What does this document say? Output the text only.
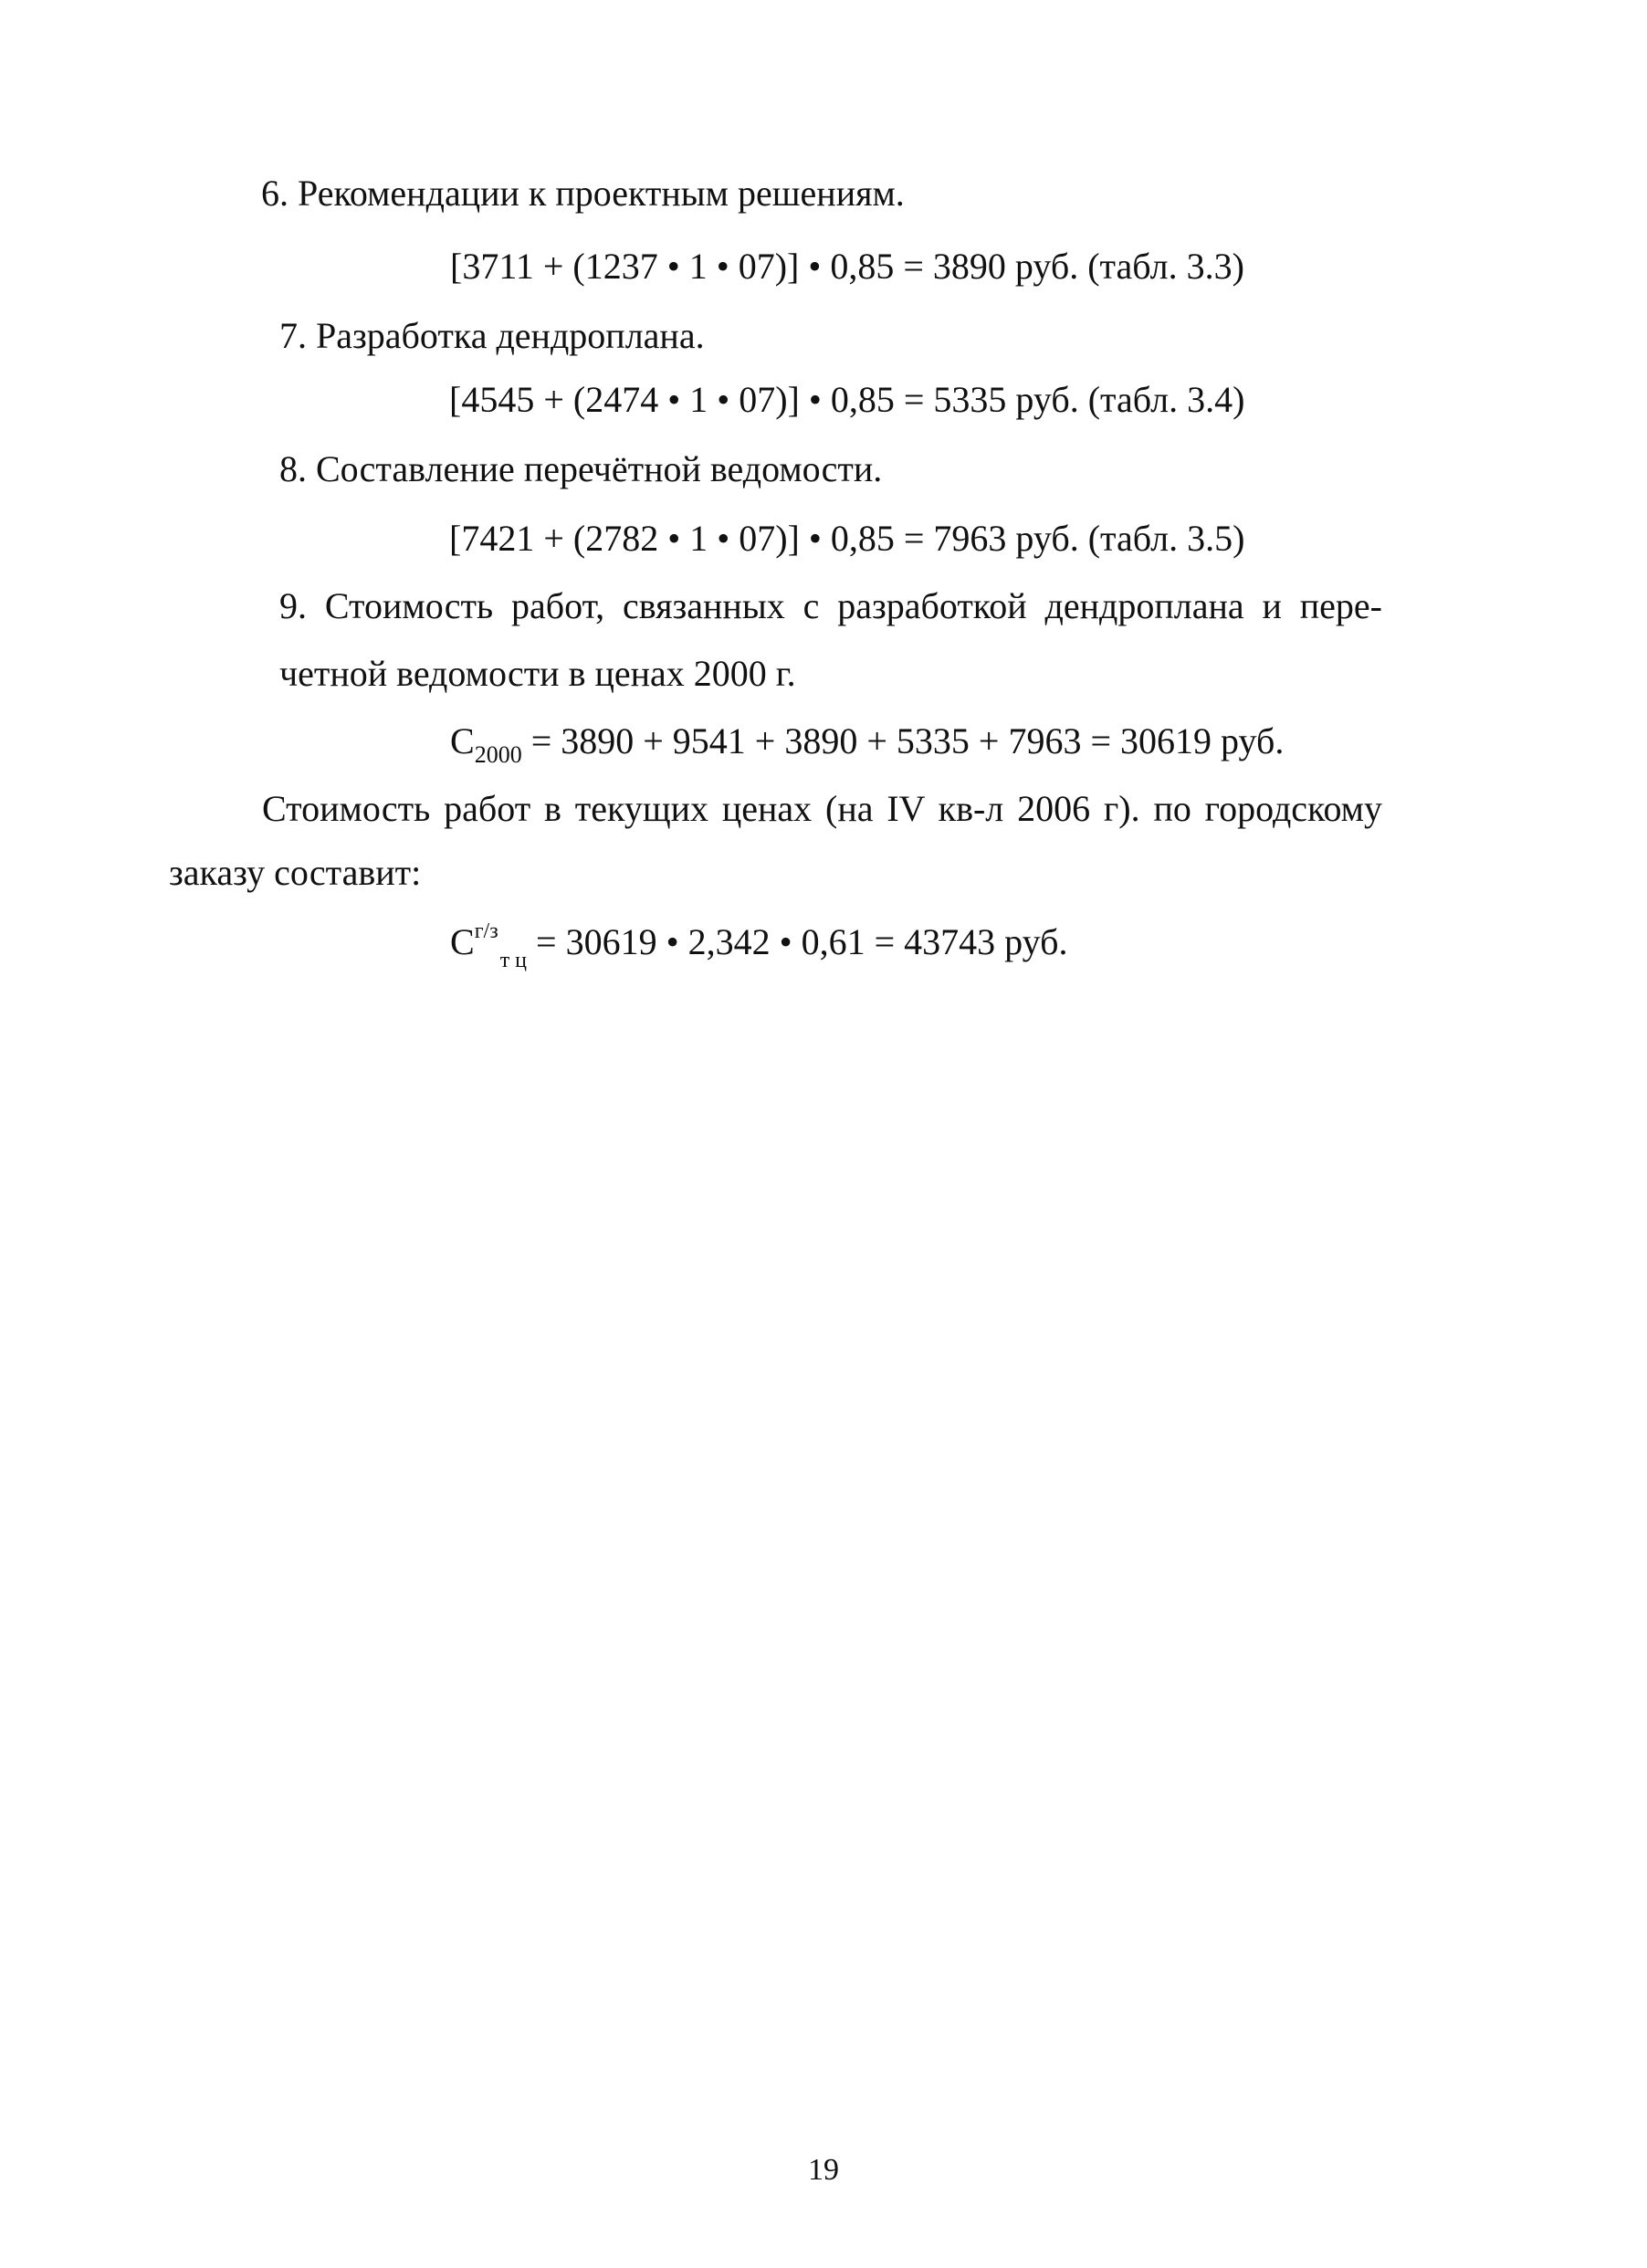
6. Рекомендации к проектным решениям.
[3711 + (1237 • 1 • 07)] • 0,85 = 3890 руб. (табл. 3.3)
7. Разработка дендроплана.
[4545 + (2474 • 1 • 07)] • 0,85 = 5335 руб. (табл. 3.4)
8. Составление перечётной ведомости.
[7421 + (2782 • 1 • 07)] • 0,85 = 7963 руб. (табл. 3.5)
9. Стоимость работ, связанных с разработкой дендроплана и пере-
четной ведомости в ценах 2000 г.
$С_{2000} = 3890 + 9541 + 3890 + 5335 + 7963 = 30619$ руб.
Стоимость работ в текущих ценах (на IV кв-л 2006 г). по городскому
заказу составит:
$С^{г/з}_{т ц} = 30619$ • 2,342 • 0,61 = 43743 руб.
19
